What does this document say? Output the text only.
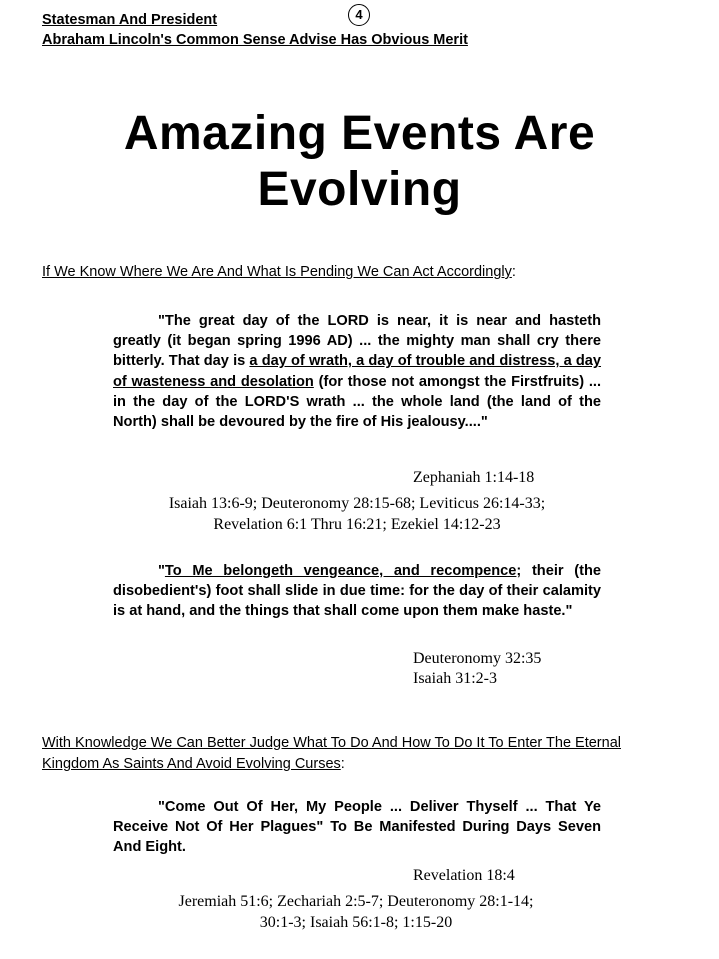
Statesman And President
Abraham Lincoln's Common Sense Advise Has Obvious Merit
4
Amazing Events Are
Evolving

If We Know Where We Are And What Is Pending We Can Act Accordingly:

"The great day of the LORD is near, it is near and hasteth greatly (it began spring 1996 AD) ... the mighty man shall cry there bitterly. That day is a day of wrath, a day of trouble and distress, a day of wasteness and desolation (for those not amongst the Firstfruits) ... in the day of the LORD'S wrath ... the whole land (the land of the North) shall be devoured by the fire of His jealousy...."

Zephaniah 1:14-18

Isaiah 13:6-9; Deuteronomy 28:15-68; Leviticus 26:14-33;
Revelation 6:1 Thru 16:21; Ezekiel 14:12-23

"To Me belongeth vengeance, and recompence; their (the disobedient's) foot shall slide in due time: for the day of their calamity is at hand, and the things that shall come upon them make haste."

Deuteronomy 32:35

Isaiah 31:2-3

With Knowledge We Can Better Judge What To Do And How To Do It To Enter The Eternal Kingdom As Saints And Avoid Evolving Curses:

"Come Out Of Her, My People ... Deliver Thyself ... That Ye Receive Not Of Her Plagues" To Be Manifested During Days Seven And Eight.

Revelation 18:4

Jeremiah 51:6; Zechariah 2:5-7; Deuteronomy 28:1-14;
30:1-3; Isaiah 56:1-8; 1:15-20
